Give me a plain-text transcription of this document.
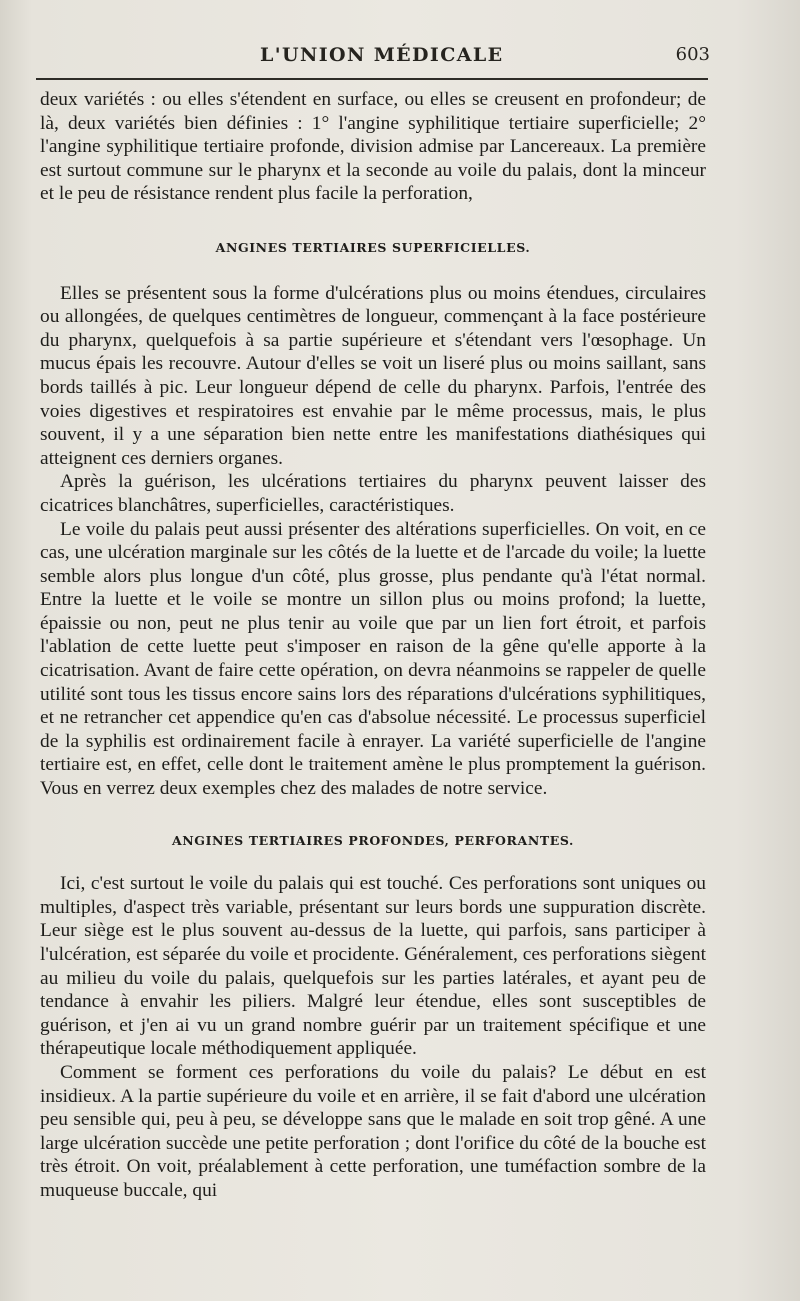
L'UNION MÉDICALE	603

deux variétés : ou elles s'étendent en surface, ou elles se creusent en profondeur; de là, deux variétés bien définies : 1° l'angine syphilitique tertiaire superficielle; 2° l'angine syphilitique tertiaire profonde, division admise par Lancereaux. La première est surtout commune sur le pharynx et la seconde au voile du palais, dont la minceur et le peu de résistance rendent plus facile la perforation,

ANGINES TERTIAIRES SUPERFICIELLES.

Elles se présentent sous la forme d'ulcérations plus ou moins étendues, circulaires ou allongées, de quelques centimètres de longueur, commençant à la face postérieure du pharynx, quelquefois à sa partie supérieure et s'étendant vers l'œsophage. Un mucus épais les recouvre. Autour d'elles se voit un liseré plus ou moins saillant, sans bords taillés à pic. Leur longueur dépend de celle du pharynx. Parfois, l'entrée des voies digestives et respiratoires est envahie par le même processus, mais, le plus souvent, il y a une séparation bien nette entre les manifestations diathésiques qui atteignent ces derniers organes.

Après la guérison, les ulcérations tertiaires du pharynx peuvent laisser des cicatrices blanchâtres, superficielles, caractéristiques.

Le voile du palais peut aussi présenter des altérations superficielles. On voit, en ce cas, une ulcération marginale sur les côtés de la luette et de l'arcade du voile; la luette semble alors plus longue d'un côté, plus grosse, plus pendante qu'à l'état normal. Entre la luette et le voile se montre un sillon plus ou moins profond; la luette, épaissie ou non, peut ne plus tenir au voile que par un lien fort étroit, et parfois l'ablation de cette luette peut s'imposer en raison de la gêne qu'elle apporte à la cicatrisation. Avant de faire cette opération, on devra néanmoins se rappeler de quelle utilité sont tous les tissus encore sains lors des réparations d'ulcérations syphilitiques, et ne retrancher cet appendice qu'en cas d'absolue nécessité. Le processus superficiel de la syphilis est ordinairement facile à enrayer. La variété superficielle de l'angine tertiaire est, en effet, celle dont le traitement amène le plus promptement la guérison. Vous en verrez deux exemples chez des malades de notre service.

ANGINES TERTIAIRES PROFONDES, PERFORANTES.

Ici, c'est surtout le voile du palais qui est touché. Ces perforations sont uniques ou multiples, d'aspect très variable, présentant sur leurs bords une suppuration discrète. Leur siège est le plus souvent au-dessus de la luette, qui parfois, sans participer à l'ulcération, est séparée du voile et procidente. Généralement, ces perforations siègent au milieu du voile du palais, quelquefois sur les parties latérales, et ayant peu de tendance à envahir les piliers. Malgré leur étendue, elles sont susceptibles de guérison, et j'en ai vu un grand nombre guérir par un traitement spécifique et une thérapeutique locale méthodiquement appliquée.

Comment se forment ces perforations du voile du palais? Le début en est insidieux. A la partie supérieure du voile et en arrière, il se fait d'abord une ulcération peu sensible qui, peu à peu, se développe sans que le malade en soit trop gêné. A une large ulcération succède une petite perforation ; dont l'orifice du côté de la bouche est très étroit. On voit, préalablement à cette perforation, une tuméfaction sombre de la muqueuse buccale, qui
